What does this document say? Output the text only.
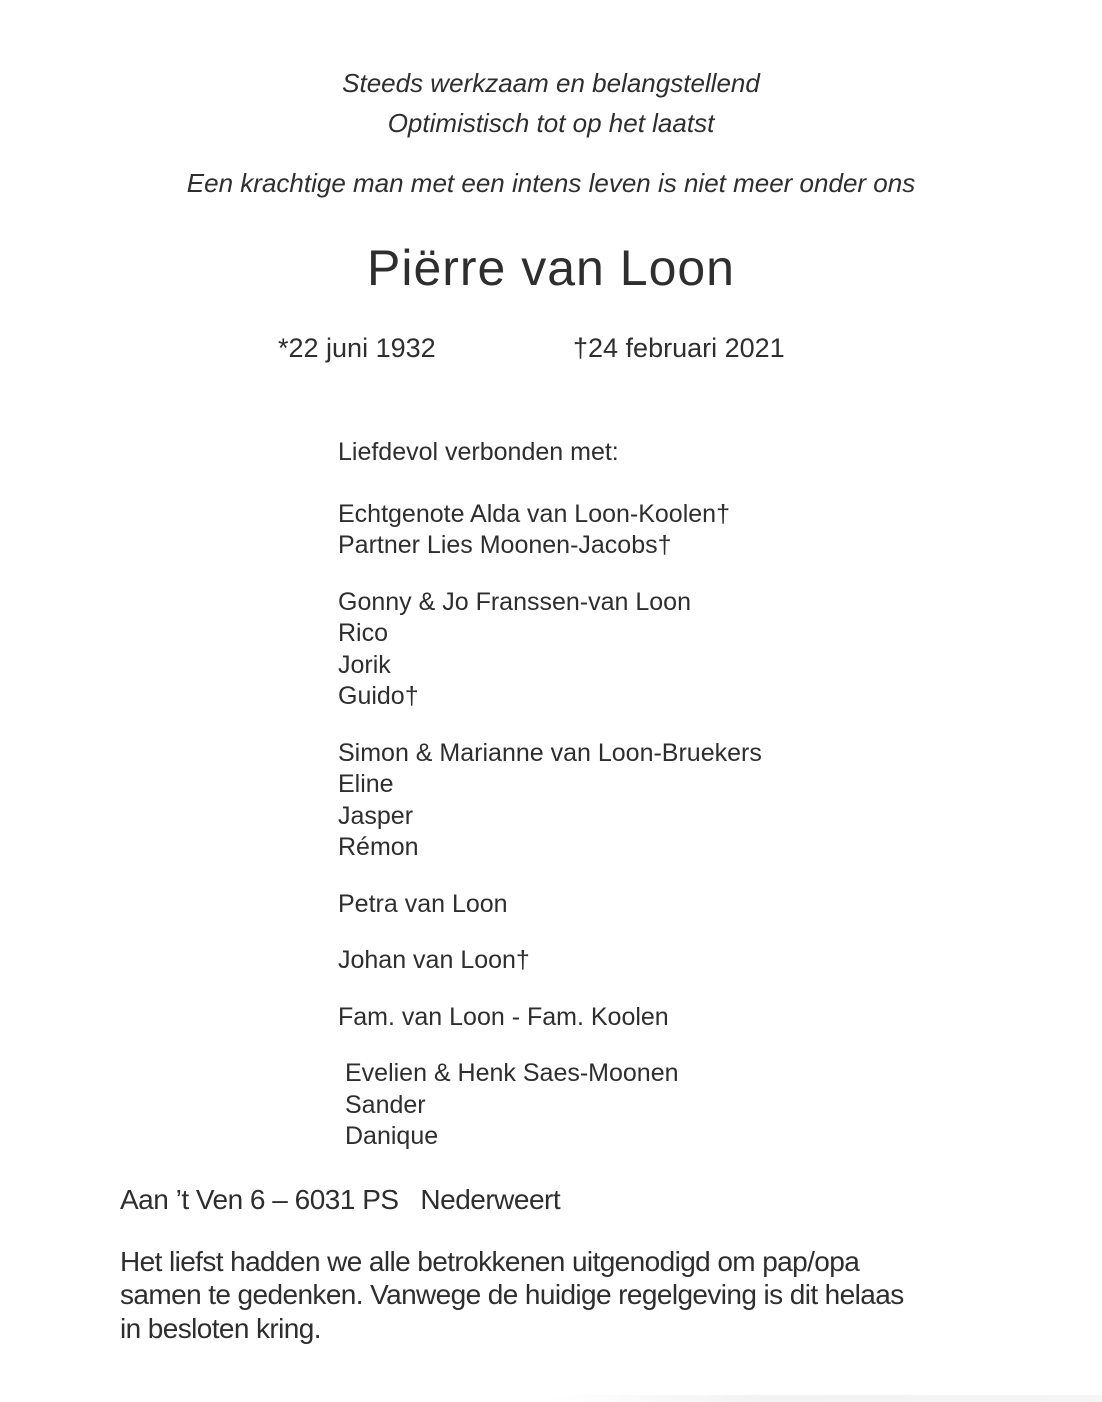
Steeds werkzaam en belangstellend

Optimistisch tot op het laatst

Een krachtige man met een intens leven is niet meer onder ons

Piërre van Loon
*22 juni 1932	†24 februari 2021

Liefdevol verbonden met:

Echtgenote Alda van Loon-Koolen†
Partner Lies Moonen-Jacobs†
Gonny & Jo Franssen-van Loon
Rico
Jorik
Guido†
Simon & Marianne van Loon-Bruekers
Eline
Jasper
Rémon
Petra van Loon
Johan van Loon†
Fam. van Loon - Fam. Koolen
Evelien & Henk Saes-Moonen
Sander
Danique

Aan ’t Ven 6 – 6031 PS   Nederweert

Het liefst hadden we alle betrokkenen uitgenodigd om pap/opa samen te gedenken. Vanwege de huidige regelgeving is dit helaas in besloten kring.
